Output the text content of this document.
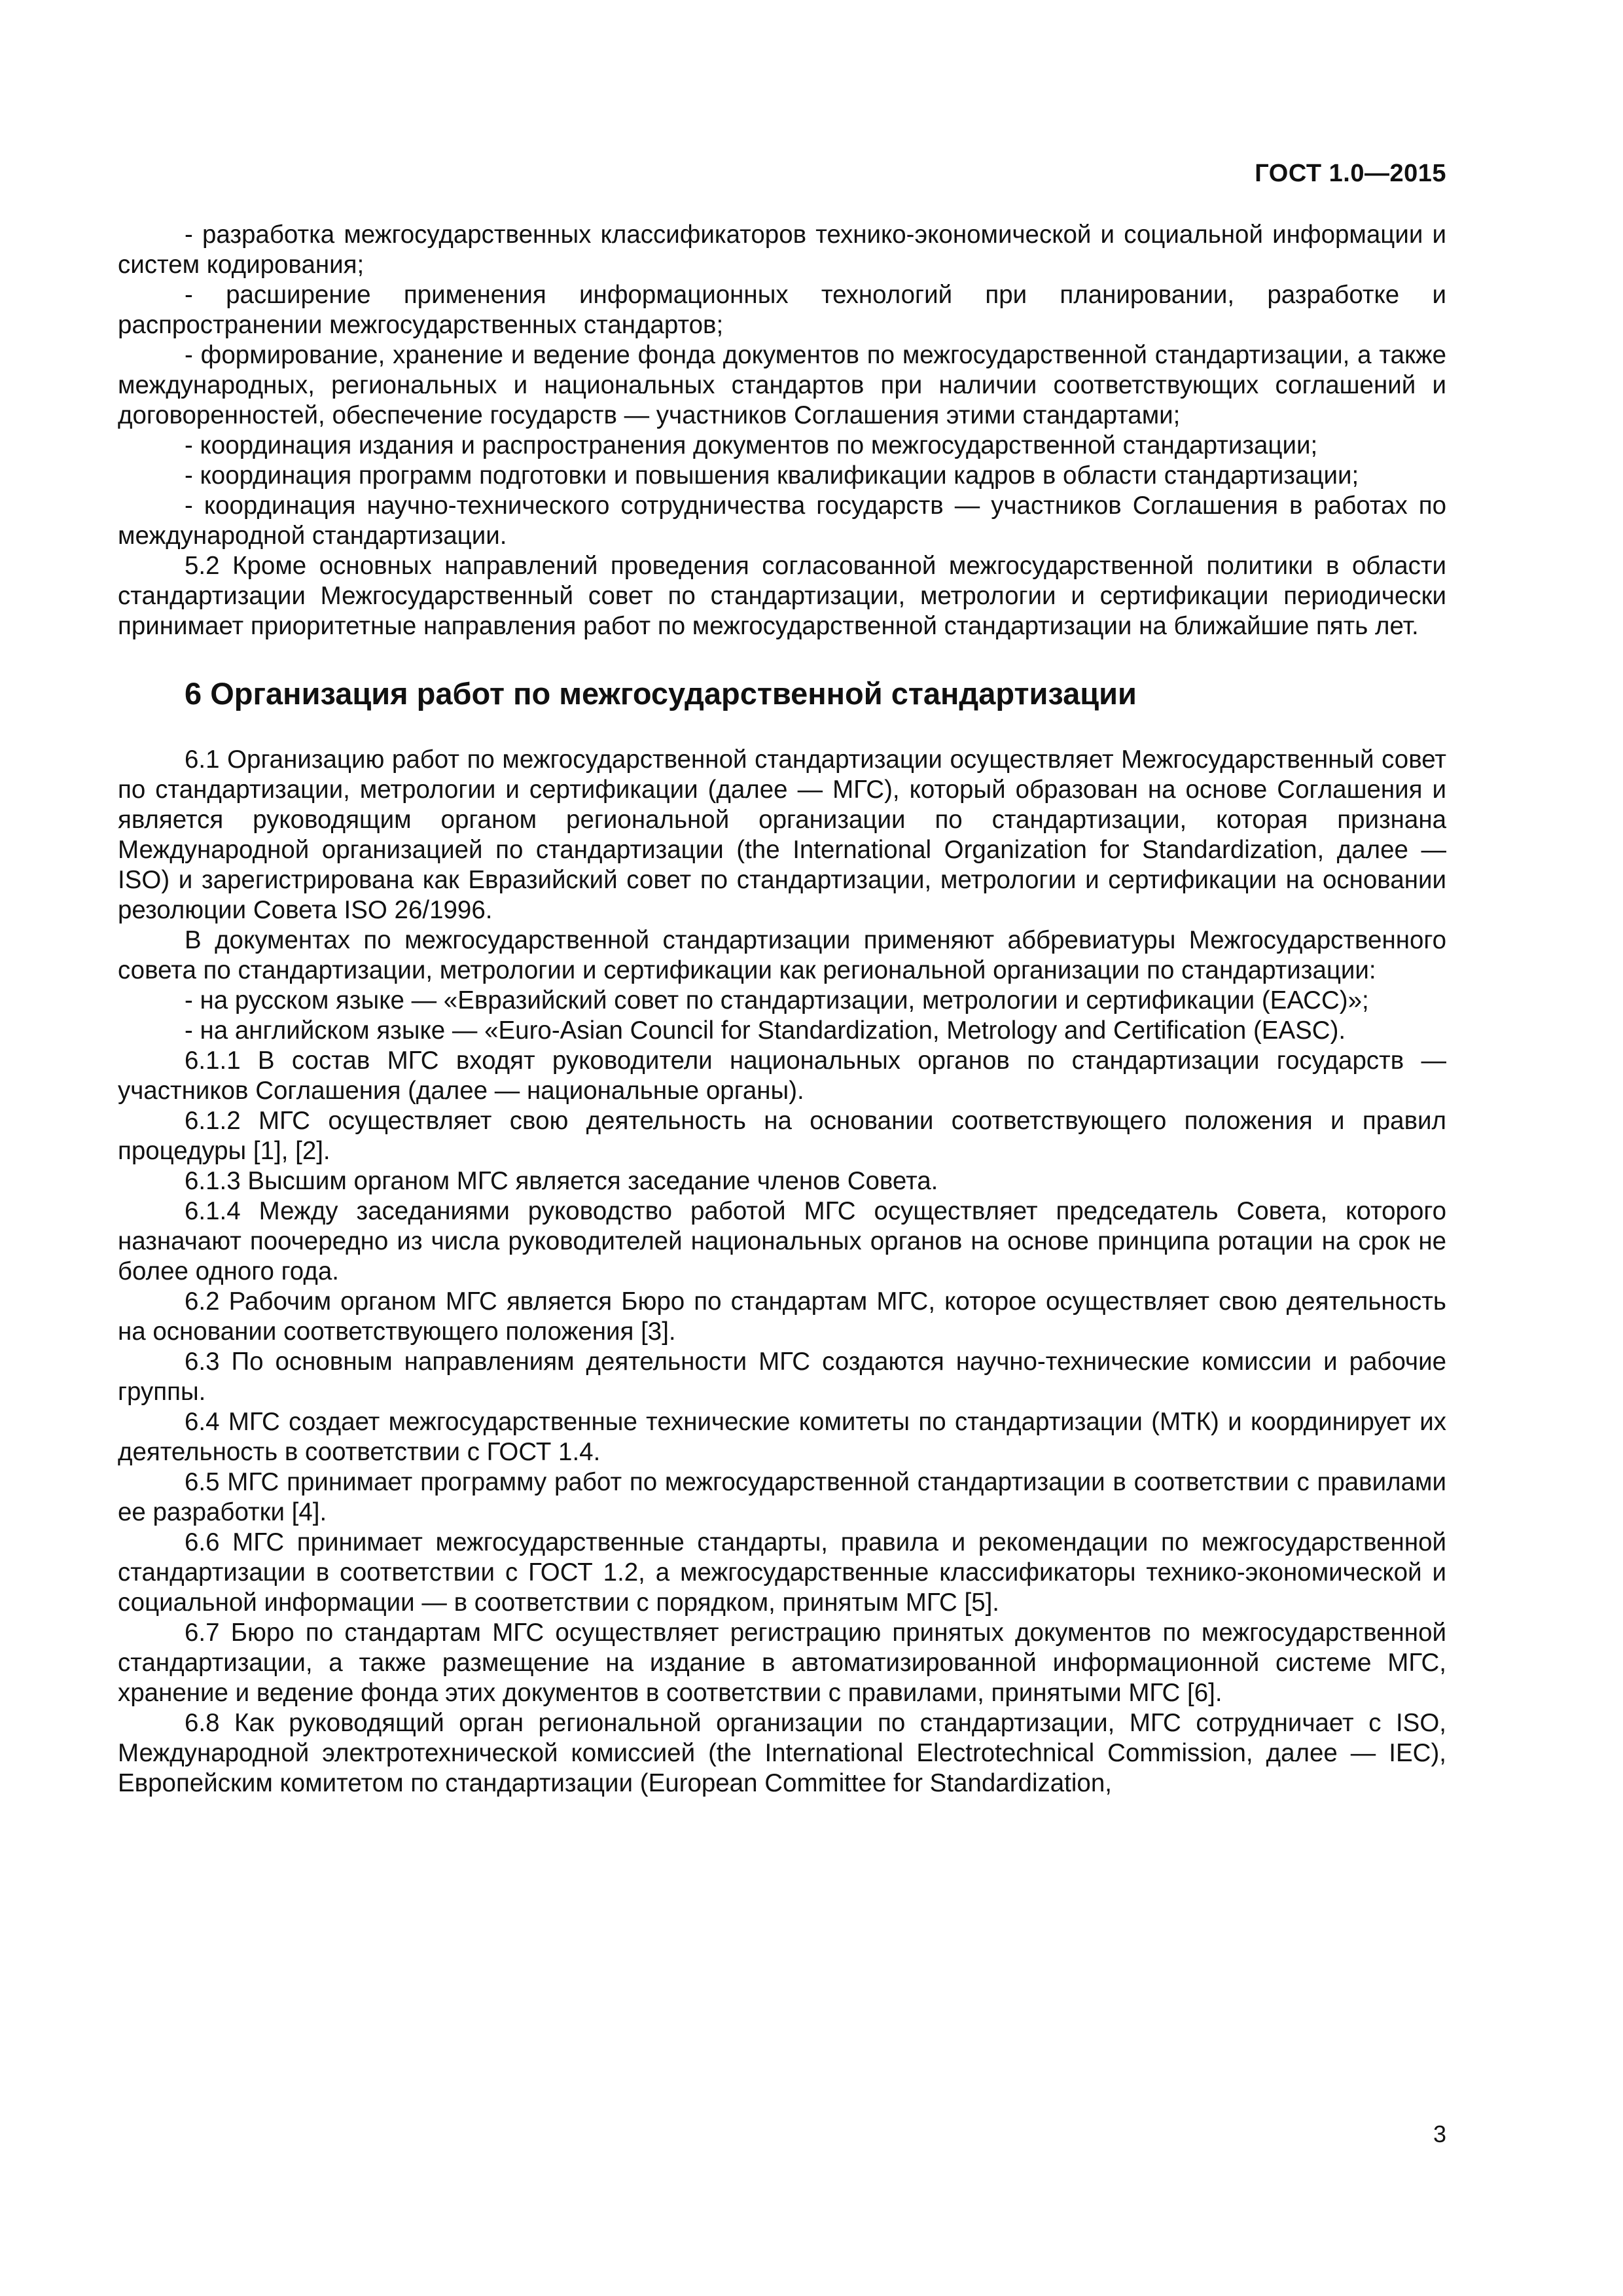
ГОСТ 1.0—2015

- разработка межгосударственных классификаторов технико-экономической и социальной информации и систем кодирования;

- расширение применения информационных технологий при планировании, разработке и распространении межгосударственных стандартов;

- формирование, хранение и ведение фонда документов по межгосударственной стандартизации, а также международных, региональных и национальных стандартов при наличии соответствующих соглашений и договоренностей, обеспечение государств — участников Соглашения этими стандартами;

- координация издания и распространения документов по межгосударственной стандартизации;

- координация программ подготовки и повышения квалификации кадров в области стандартизации;

- координация научно-технического сотрудничества государств — участников Соглашения в работах по международной стандартизации.

5.2 Кроме основных направлений проведения согласованной межгосударственной политики в области стандартизации Межгосударственный совет по стандартизации, метрологии и сертификации периодически принимает приоритетные направления работ по межгосударственной стандартизации на ближайшие пять лет.

6 Организация работ по межгосударственной стандартизации

6.1 Организацию работ по межгосударственной стандартизации осуществляет Межгосударственный совет по стандартизации, метрологии и сертификации (далее — МГС), который образован на основе Соглашения и является руководящим органом региональной организации по стандартизации, которая признана Международной организацией по стандартизации (the International Organization for Standardization, далее — ISO) и зарегистрирована как Евразийский совет по стандартизации, метрологии и сертификации на основании резолюции Совета ISO 26/1996.

В документах по межгосударственной стандартизации применяют аббревиатуры Межгосударственного совета по стандартизации, метрологии и сертификации как региональной организации по стандартизации:

- на русском языке — «Евразийский совет по стандартизации, метрологии и сертификации (ЕАСС)»;

- на английском языке — «Euro-Asian Council for Standardization, Metrology and Certification (EASC).

6.1.1 В состав МГС входят руководители национальных органов по стандартизации государств — участников Соглашения (далее — национальные органы).

6.1.2 МГС осуществляет свою деятельность на основании соответствующего положения и правил процедуры [1], [2].

6.1.3 Высшим органом МГС является заседание членов Совета.

6.1.4 Между заседаниями руководство работой МГС осуществляет председатель Совета, которого назначают поочередно из числа руководителей национальных органов на основе принципа ротации на срок не более одного года.

6.2 Рабочим органом МГС является Бюро по стандартам МГС, которое осуществляет свою деятельность на основании соответствующего положения [3].

6.3 По основным направлениям деятельности МГС создаются научно-технические комиссии и рабочие группы.

6.4 МГС создает межгосударственные технические комитеты по стандартизации (МТК) и координирует их деятельность в соответствии с ГОСТ 1.4.

6.5 МГС принимает программу работ по межгосударственной стандартизации в соответствии с правилами ее разработки [4].

6.6 МГС принимает межгосударственные стандарты, правила и рекомендации по межгосударственной стандартизации в соответствии с ГОСТ 1.2, а межгосударственные классификаторы технико-экономической и социальной информации — в соответствии с порядком, принятым МГС [5].

6.7 Бюро по стандартам МГС осуществляет регистрацию принятых документов по межгосударственной стандартизации, а также размещение на издание в автоматизированной информационной системе МГС, хранение и ведение фонда этих документов в соответствии с правилами, принятыми МГС [6].

6.8 Как руководящий орган региональной организации по стандартизации, МГС сотрудничает с ISO, Международной электротехнической комиссией (the International Electrotechnical Commission, далее — IEC), Европейским комитетом по стандартизации (European Committee for Standardization,

3
